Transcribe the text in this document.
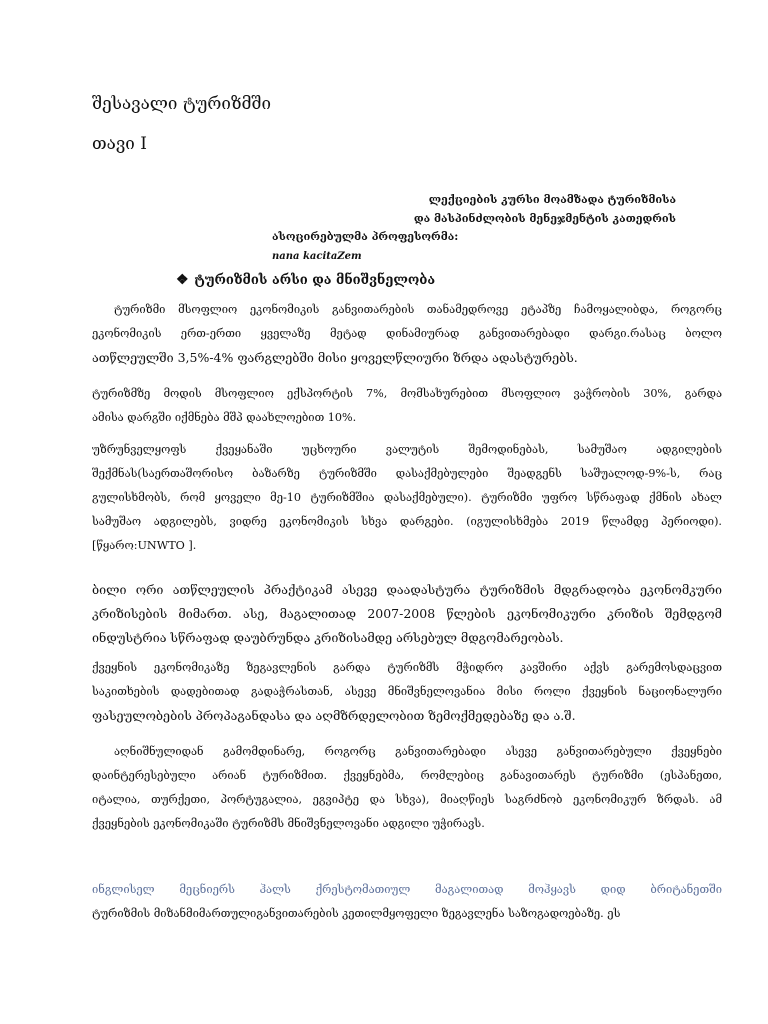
შესავალი ტურიზმში
თავი I
ლექციების კურსი მოამზადა ტურიზმისა
და მასპინძლობის მენეჯმენტის კათედრის
ასოცირებულმა პროფესორმა:
nana kacitaZem
❖ ტურიზმის არსი და მნიშვნელობა
ტურიზმი მსოფლიო ეკონომიკის განვითარების თანამედროვე ეტაპზე ჩამოყალიბდა, როგორც
ეკონომიკის ერთ-ერთი ყველაზე მეტად დინამიურად განვითარებადი დარგი.რასაც ბოლო
ათწლეულში 3,5%-4% ფარგლებში მისი ყოველწლიური ზრდა ადასტურებს.
ტურიზმზე მოდის მსოფლიო ექსპორტის 7%, მომსახურებით მსოფლიო ვაჭრობის 30%, გარდა
ამისა დარგში იქმნება მშპ დაახლოებით 10%.
უზრუნველყოფს ქვეყანაში უცხოური ვალუტის შემოდინებას, სამუშაო ადგილების
შექმნას(საერთაშორისო ბაზარზე ტურიზმში დასაქმებულები შეადგენს საშუალოდ-9%-ს, რაც
გულისხმობს, რომ ყოველი მე-10 ტურიზმშია დასაქმებული). ტურიზმი უფრო სწრაფად ქმნის ახალ
სამუშაო ადგილებს, ვიდრე ეკონომიკის სხვა დარგები. (იგულისხმება 2019 წლამდე პერიოდი).
[წყარო:UNWTO ].
ბილი ორი ათწლეულის პრაქტიკამ ასევე დაადასტურა ტურიზმის მდგრადობა ეკონომკური
კრიზისების მიმართ. ასე, მაგალითად 2007-2008 წლების ეკონომიკური კრიზის შემდგომ
ინდუსტრია სწრაფად დაუბრუნდა კრიზისამდე არსებულ მდგომარეობას.
ქვეყნის ეკონომიკაზე ზეგავლენის გარდა ტურიზმს მჭიდრო კავშირი აქვს გარემოსდაცვით
საკითხების დადებითად გადაჭრასთან, ასევე მნიშვნელოვანია მისი როლი ქვეყნის ნაციონალური
ფასეულობების პროპაგანდასა და აღმზრდელობით ზემოქმედებაზე და ა.შ.
აღნიშნულიდან გამომდინარე, როგორც განვითარებადი ასევე განვითარებული ქვეყნები
დაინტერესებული არიან ტურიზმით. ქვეყნებმა, რომლებიც განავითარეს ტურიზმი (ესპანეთი,
იტალია, თურქეთი, პორტუგალია, ეგვიპტე და სხვა), მიაღწიეს საგრძნობ ეკონომიკურ ზრდას. ამ
ქვეყნების ეკონომიკაში ტურიზმს მნიშვნელოვანი ადგილი უჭირავს.
ინგლისელ მეცნიერს ჰალს ქრესტომათიულ მაგალითად მოჰყავს დიდ ბრიტანეთში
ტურიზმის მიზანმიმართულიგანვითარების კეთილმყოფელი ზეგავლენა საზოგადოებაზე. ეს
